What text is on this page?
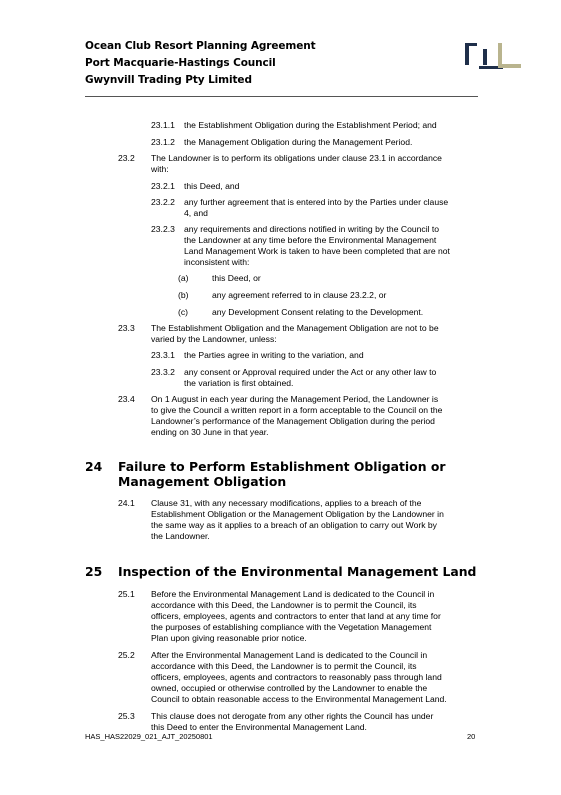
Ocean Club Resort Planning Agreement
Port Macquarie-Hastings Council
Gwynvill Trading Pty Limited
23.1.1 the Establishment Obligation during the Establishment Period; and
23.1.2 the Management Obligation during the Management Period.
23.2 The Landowner is to perform its obligations under clause 23.1 in accordance
with:
23.2.1 this Deed, and
23.2.2 any further agreement that is entered into by the Parties under clause
4, and
23.2.3 any requirements and directions notified in writing by the Council to
the Landowner at any time before the Environmental Management
Land Management Work is taken to have been completed that are not
inconsistent with:
(a)	this Deed, or
(b)	any agreement referred to in clause 23.2.2, or
(c)	any Development Consent relating to the Development.
23.3 The Establishment Obligation and the Management Obligation are not to be
varied by the Landowner, unless:
23.3.1 the Parties agree in writing to the variation, and
23.3.2 any consent or Approval required under the Act or any other law to
the variation is first obtained.
23.4 On 1 August in each year during the Management Period, the Landowner is
to give the Council a written report in a form acceptable to the Council on the
Landowner’s performance of the Management Obligation during the period
ending on 30 June in that year.
24 Failure to Perform Establishment Obligation or
Management Obligation
24.1 Clause 31, with any necessary modifications, applies to a breach of the
Establishment Obligation or the Management Obligation by the Landowner in
the same way as it applies to a breach of an obligation to carry out Work by
the Landowner.
25 Inspection of the Environmental Management Land
25.1 Before the Environmental Management Land is dedicated to the Council in
accordance with this Deed, the Landowner is to permit the Council, its
officers, employees, agents and contractors to enter that land at any time for
the purposes of establishing compliance with the Vegetation Management
Plan upon giving reasonable prior notice.
25.2 After the Environmental Management Land is dedicated to the Council in
accordance with this Deed, the Landowner is to permit the Council, its
officers, employees, agents and contractors to reasonably pass through land
owned, occupied or otherwise controlled by the Landowner to enable the
Council to obtain reasonable access to the Environmental Management Land.
25.3 This clause does not derogate from any other rights the Council has under
this Deed to enter the Environmental Management Land.
HAS_HAS22029_021_AJT_20250801	20
